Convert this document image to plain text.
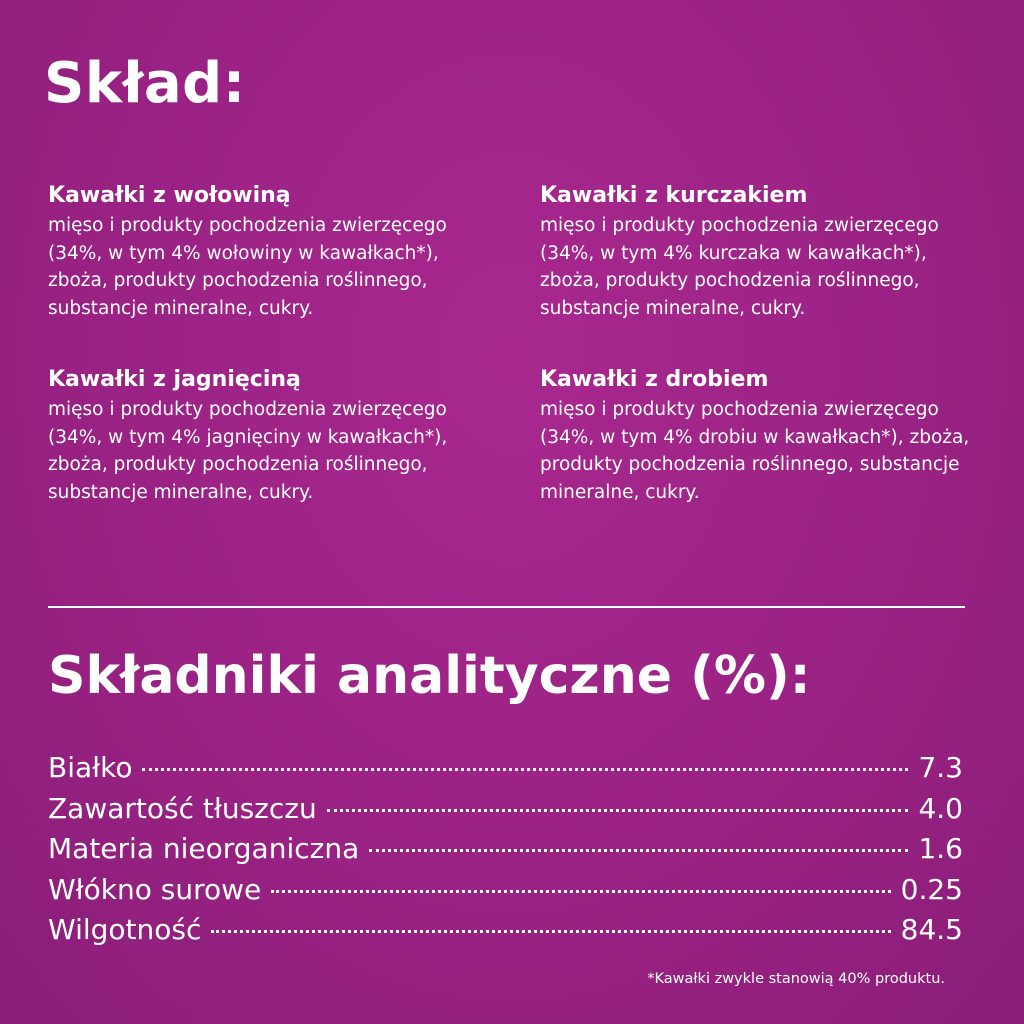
Skład:
Kawałki z wołowiną

mięso i produkty pochodzenia zwierzęcego (34%, w tym 4% wołowiny w kawałkach*), zboża, produkty pochodzenia roślinnego, substancje mineralne, cukry.

Kawałki z kurczakiem

mięso i produkty pochodzenia zwierzęcego (34%, w tym 4% kurczaka w kawałkach*), zboża, produkty pochodzenia roślinnego, substancje mineralne, cukry.

Kawałki z jagnięciną

mięso i produkty pochodzenia zwierzęcego (34%, w tym 4% jagnięciny w kawałkach*), zboża, produkty pochodzenia roślinnego, substancje mineralne, cukry.

Kawałki z drobiem

mięso i produkty pochodzenia zwierzęcego (34%, w tym 4% drobiu w kawałkach*), zboża, produkty pochodzenia roślinnego, substancje mineralne, cukry.

Składniki analityczne (%):
Białko	7.3
Zawartość tłuszczu	4.0
Materia nieorganiczna	1.6
Włókno surowe	0.25
Wilgotność	84.5
*Kawałki zwykle stanowią 40% produktu.
